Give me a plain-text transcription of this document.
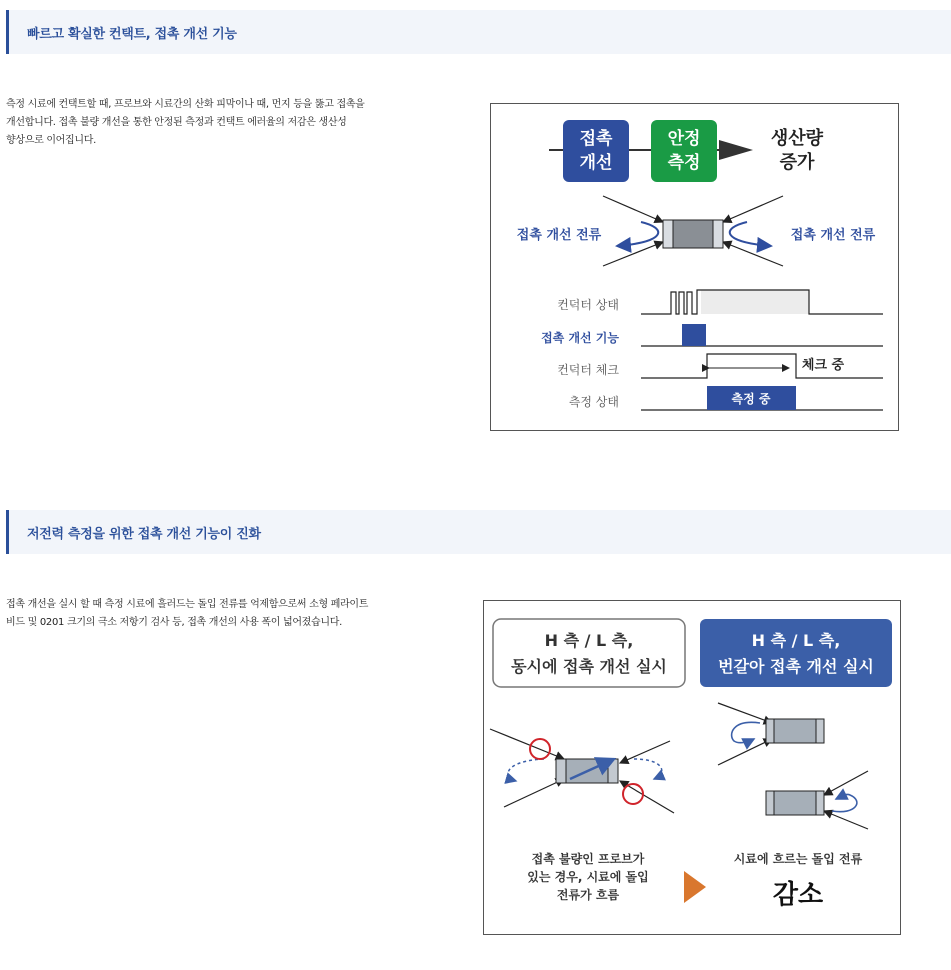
빠르고 확실한 컨택트, 접촉 개선 기능
측정 시료에 컨택트할 때, 프로브와 시료간의 산화 피막이나 때, 먼지 등을 뚫고 접촉을
개선합니다. 접촉 불량 개선을 통한 안정된 측정과 컨택트 에러율의 저감은 생산성
향상으로 이어집니다.	접촉
개선
안정
측정
생산량
증가
접촉 개선 전류	접촉 개선 전류
컨덕터 상태
접촉 개선 기능
컨덕터 체크
측정 상태
체크 중
측정 중
저전력 측정을 위한 접촉 개선 기능이 진화
접촉 개선을 실시 할 때 측정 시료에 흘러드는 돌입 전류를 억제함으로써 소형 페라이트
비드 및 0201 크기의 극소 저항기 검사 등, 접촉 개선의 사용 폭이 넓어졌습니다.
H 측 / L 측,
동시에 접촉 개선 실시
H 측 / L 측,
번갈아 접촉 개선 실시
접촉 불량인 프로브가
있는 경우, 시료에 돌입
전류가 흐름
시료에 흐르는 돌입 전류
감소
